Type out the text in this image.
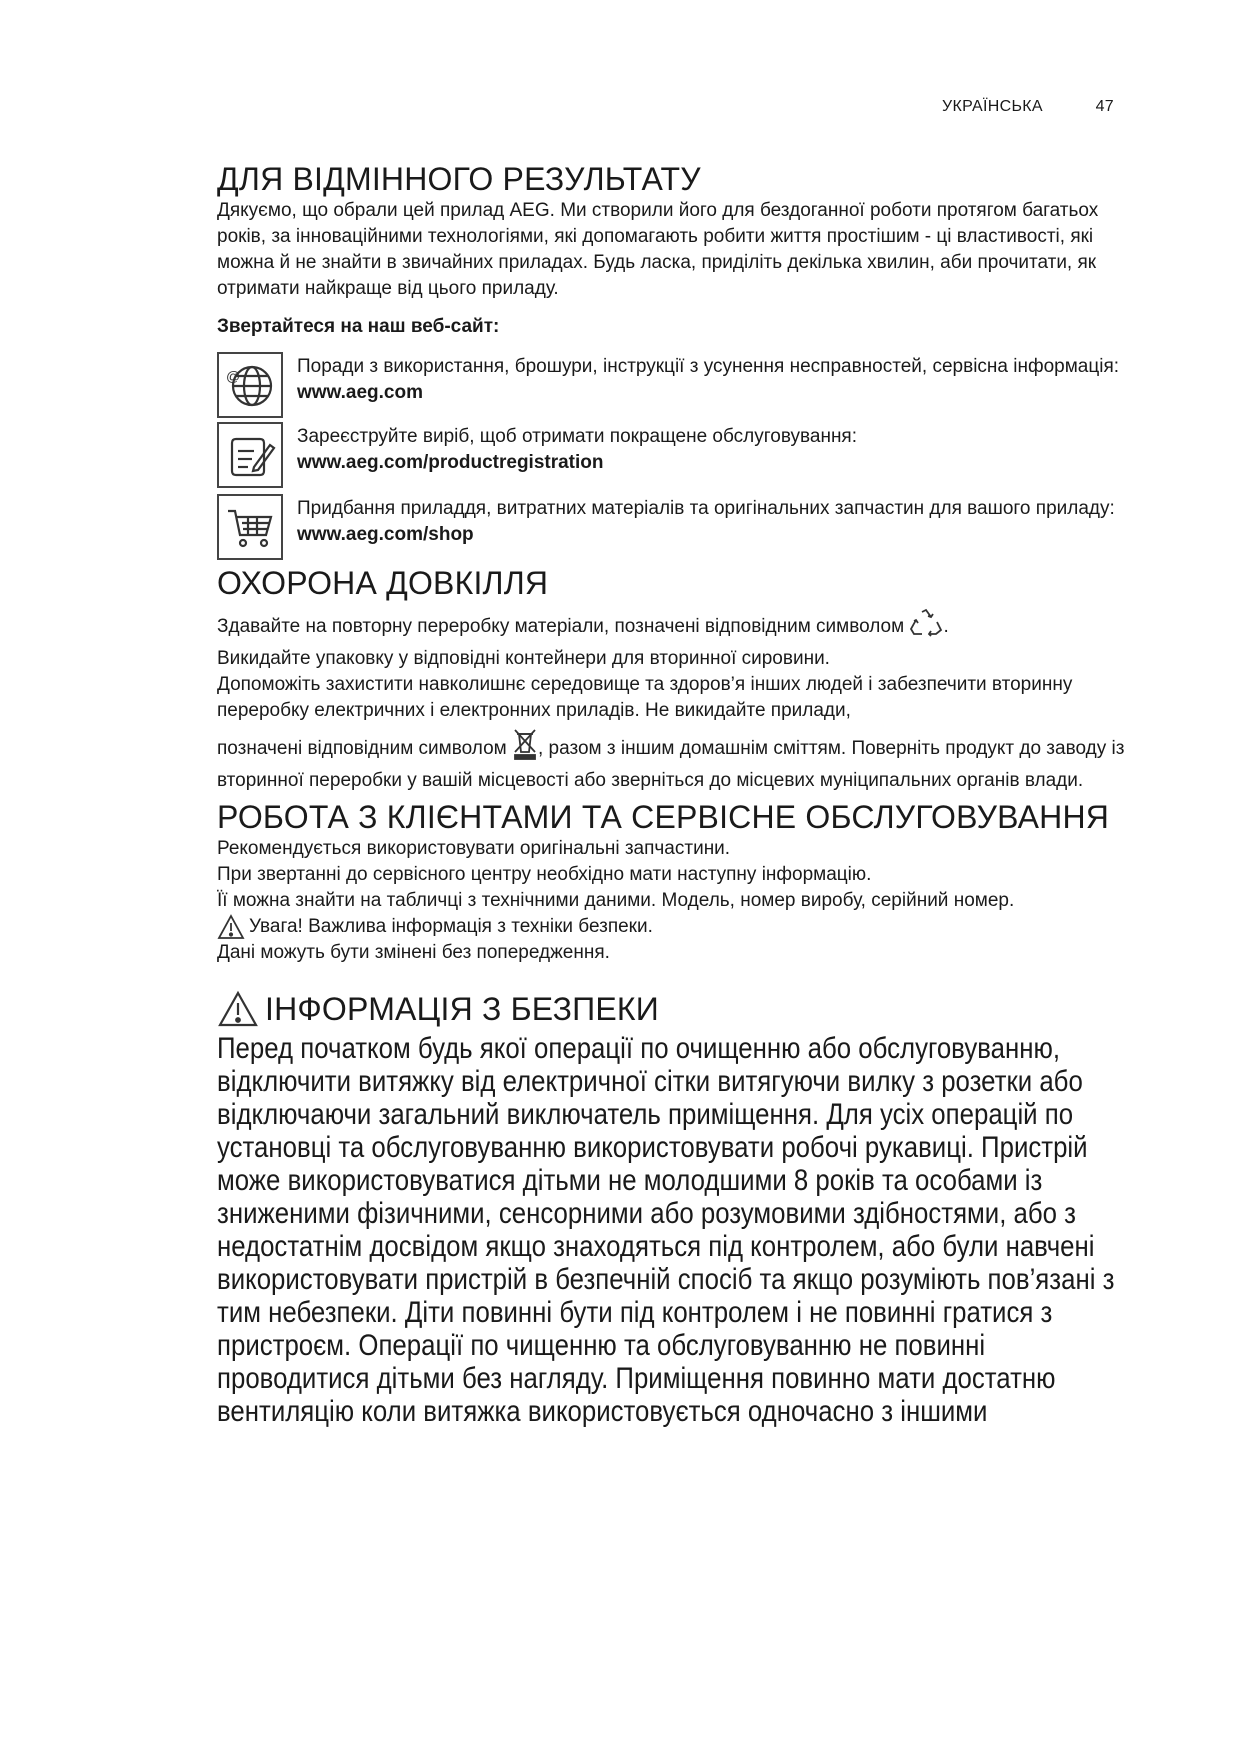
УКРАЇНСЬКА	47
ДЛЯ ВІДМІННОГО РЕЗУЛЬТАТУ

Дякуємо, що обрали цей прилад AEG. Ми створили його для бездоганної роботи протягом багатьох років, за інноваційними технологіями, які допомагають робити життя простішим - ці властивості, які можна й не знайти в звичайних приладах. Будь ласка, приділіть декілька хвилин, аби прочитати, як отримати найкраще від цього приладу.

Звертайтеся на наш веб-сайт:

@	Поради з використання, брошури, інструкції з усунення несправностей, сервісна інформація:

www.aeg.com

Зареєструйте виріб, щоб отримати покращене обслуговування:

www.aeg.com/productregistration

Придбання приладдя, витратних матеріалів та оригінальних запчастин для вашого приладу:

www.aeg.com/shop

ОХОРОНА ДОВКІЛЛЯ

Здавайте на повторну переробку матеріали, позначені відповідним символом .

Викидайте упаковку у відповідні контейнери для вторинної сировини.

Допоможіть захистити навколишнє середовище та здоров’я інших людей і забезпечити вторинну переробку електричних і електронних приладів. Не викидайте прилади,

позначені відповідним символом , разом з іншим домашнім сміттям. Поверніть продукт до заводу із вторинної переробки у вашій місцевості або зверніться до місцевих муніципальних органів влади.

РОБОТА З КЛІЄНТАМИ ТА СЕРВІСНЕ ОБСЛУГОВУВАННЯ

Рекомендується використовувати оригінальні запчастини.

При звертанні до сервісного центру необхідно мати наступну інформацію.

Її можна знайти на табличці з технічними даними. Модель, номер виробу, серійний номер.

Увага! Важлива інформація з техніки безпеки.

Дані можуть бути змінені без попередження.

ІНФОРМАЦІЯ З БЕЗПЕКИ
Перед початком будь якої операції по очищенню або обслуговуванню, відключити витяжку від електричної сітки витягуючи вилку з розетки або відключаючи загальний виключатель приміщення. Для усіх операцій по установці та обслуговуванню використовувати робочі рукавиці. Пристрій може використовуватися дітьми не молодшими 8 років та особами із зниженими фізичними, сенсорними або розумовими здібностями, або з недостатнім досвідом якщо знаходяться під контролем, або були навчені використовувати пристрій в безпечній спосіб та якщо розуміють пов’язані з тим небезпеки. Діти повинні бути під контролем і не повинні гратися з пристроєм. Операції по чищенню та обслуговуванню не повинні проводитися дітьми без нагляду. Приміщення повинно мати достатню вентиляцію коли витяжка використовується одночасно з іншими
